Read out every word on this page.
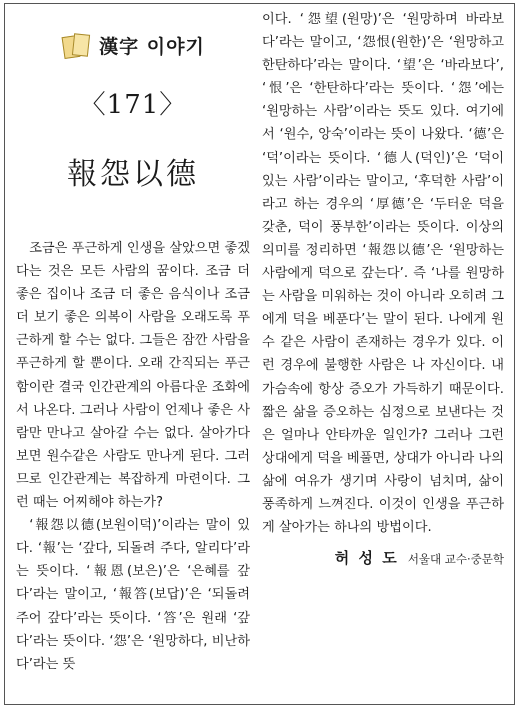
漢字 이야기
〈171〉
報怨以德

조금은 푸근하게 인생을 살았으면 좋겠다는 것은 모든 사람의 꿈이다. 조금 더 좋은 집이나 조금 더 좋은 음식이나 조금 더 보기 좋은 의복이 사람을 오래도록 푸근하게 할 수는 없다. 그들은 잠깐 사람을 푸근하게 할 뿐이다. 오래 간직되는 푸근함이란 결국 인간관계의 아름다운 조화에서 나온다. 그러나 사람이 언제나 좋은 사람만 만나고 살아갈 수는 없다. 살아가다 보면 원수같은 사람도 만나게 된다. 그러므로 인간관계는 복잡하게 마련이다. 그런 때는 어찌해야 하는가?

‘報怨以德(보원이덕)’이라는 말이 있다. ‘報’는 ‘갚다, 되돌려 주다, 알리다’라는 뜻이다. ‘報恩(보은)’은 ‘은혜를 갚다’라는 말이고, ‘報答(보답)’은 ‘되돌려 주어 갚다’라는 뜻이다. ‘答’은 원래 ‘갚다’라는 뜻이다. ‘怨’은 ‘원망하다, 비난하다’라는 뜻

이다. ‘怨望(원망)’은 ‘원망하며 바라보다’라는 말이고, ‘怨恨(원한)’은 ‘원망하고 한탄하다’라는 말이다. ‘望’은 ‘바라보다’, ‘恨’은 ‘한탄하다’라는 뜻이다. ‘怨’에는 ‘원망하는 사람’이라는 뜻도 있다. 여기에서 ‘원수, 앙숙’이라는 뜻이 나왔다. ‘德’은 ‘덕’이라는 뜻이다. ‘德人(덕인)’은 ‘덕이 있는 사람’이라는 말이고, ‘후덕한 사람’이라고 하는 경우의 ‘厚德’은 ‘두터운 덕을 갖춘, 덕이 풍부한’이라는 뜻이다. 이상의 의미를 정리하면 ‘報怨以德’은 ‘원망하는 사람에게 덕으로 갚는다’. 즉 ‘나를 원망하는 사람을 미워하는 것이 아니라 오히려 그에게 덕을 베푼다’는 말이 된다. 나에게 원수 같은 사람이 존재하는 경우가 있다. 이런 경우에 불행한 사람은 나 자신이다. 내 가슴속에 항상 증오가 가득하기 때문이다. 짧은 삶을 증오하는 심정으로 보낸다는 것은 얼마나 안타까운 일인가? 그러나 그런 상대에게 덕을 베풀면, 상대가 아니라 나의 삶에 여유가 생기며 사랑이 넘치며, 삶이 풍족하게 느껴진다. 이것이 인생을 푸근하게 살아가는 하나의 방법이다.

허 성 도 서울대 교수·중문학
